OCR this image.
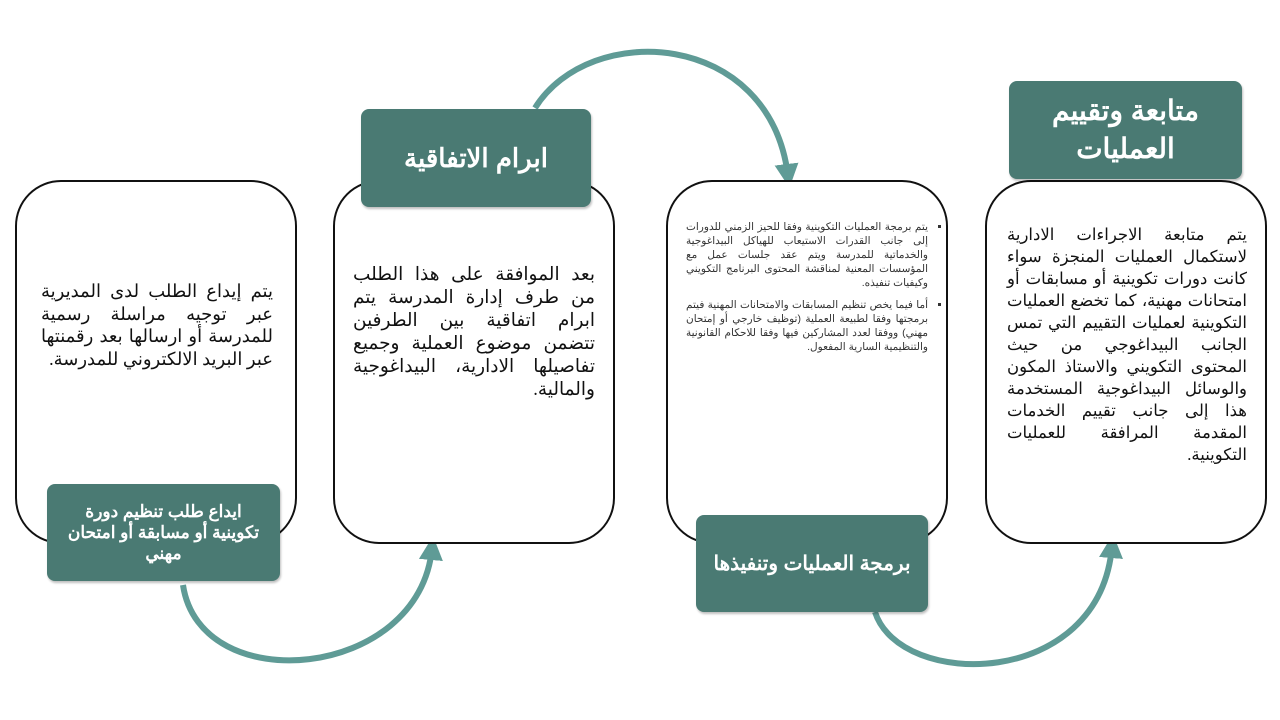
يتم إيداع الطلب لدى المديرية عبر توجيه مراسلة رسمية للمدرسة أو ارسالها بعد رقمنتها عبر البريد الالكتروني للمدرسة.

ايداع طلب تنظيم دورة تكوينية أو مسابقة أو امتحان مهني

بعد الموافقة على هذا الطلب من طرف إدارة المدرسة يتم ابرام اتفاقية بين الطرفين تتضمن موضوع العملية وجميع تفاصيلها الادارية، البيداغوجية والمالية.

ابرام الاتفاقية
▪ يتم برمجة العمليات التكوينية وفقا للحيز الزمني للدورات إلى جانب القدرات الاستيعاب للهياكل البيداغوجية والخدماتية للمدرسة ويتم عقد جلسات عمل مع المؤسسات المعنية لمناقشة المحتوى البرنامج التكويني وكيفيات تنفيذه.
▪ أما فيما يخص تنظيم المسابقات والامتحانات المهنية فيتم برمجتها وفقا لطبيعة العملية (توظيف خارجي أو إمتحان مهني) ووفقا لعدد المشاركين فيها وفقا للاحكام القانونية والتنظيمية السارية المفعول.
برمجة العمليات وتنفيذها

يتم متابعة الاجراءات الادارية لاستكمال العمليات المنجزة سواء كانت دورات تكوينية أو مسابقات أو امتحانات مهنية، كما تخضع العمليات التكوينية لعمليات التقييم التي تمس الجانب البيداغوجي من حيث المحتوى التكويني والاستاذ المكون والوسائل البيداغوجية المستخدمة هذا إلى جانب تقييم الخدمات المقدمة المرافقة للعمليات التكوينية.

متابعة وتقييم العمليات
